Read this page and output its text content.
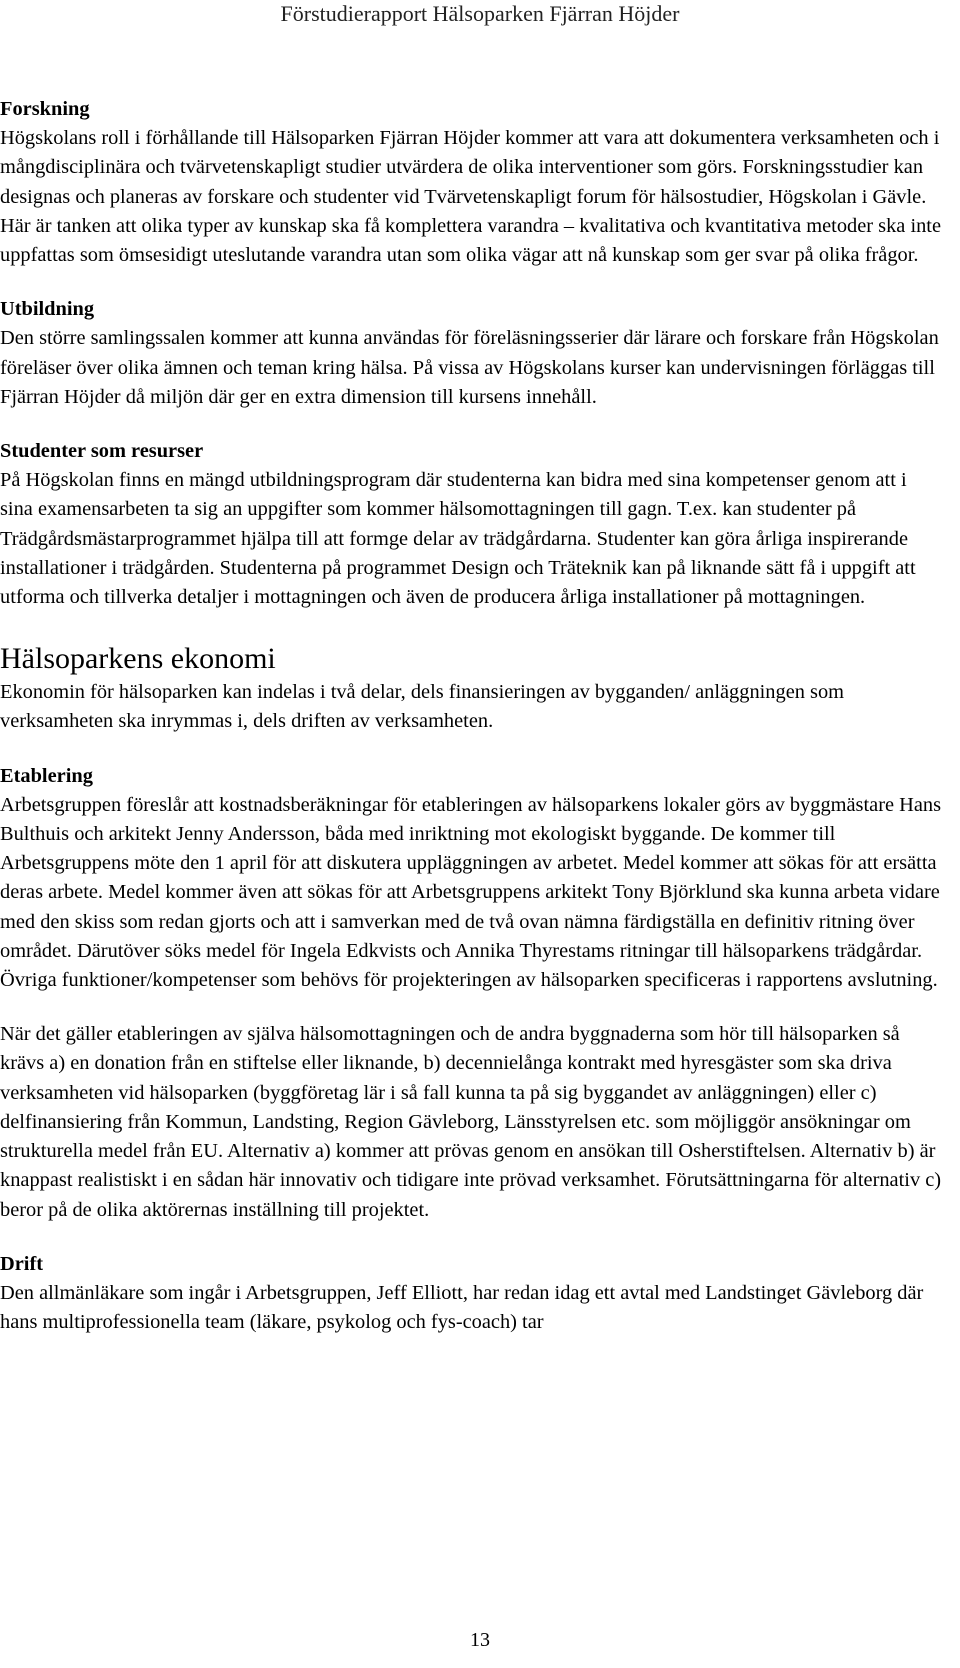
Förstudierapport Hälsoparken Fjärran Höjder

Forskning

Högskolans roll i förhållande till Hälsoparken Fjärran Höjder kommer att vara att dokumentera verksamheten och i mångdisciplinära och tvärvetenskapligt studier utvärdera de olika interventioner som görs. Forskningsstudier kan designas och planeras av forskare och studenter vid Tvärvetenskapligt forum för hälsostudier, Högskolan i Gävle. Här är tanken att olika typer av kunskap ska få komplettera varandra – kvalitativa och kvantitativa metoder ska inte uppfattas som ömsesidigt uteslutande varandra utan som olika vägar att nå kunskap som ger svar på olika frågor.

Utbildning

Den större samlingssalen kommer att kunna användas för föreläsningsserier där lärare och forskare från Högskolan föreläser över olika ämnen och teman kring hälsa. På vissa av Högskolans kurser kan undervisningen förläggas till Fjärran Höjder då miljön där ger en extra dimension till kursens innehåll.

Studenter som resurser

På Högskolan finns en mängd utbildningsprogram där studenterna kan bidra med sina kompetenser genom att i sina examensarbeten ta sig an uppgifter som kommer hälsomottagningen till gagn. T.ex. kan studenter på Trädgårdsmästarprogrammet hjälpa till att formge delar av trädgårdarna. Studenter kan göra årliga inspirerande installationer i trädgården. Studenterna på programmet Design och Träteknik kan på liknande sätt få i uppgift att utforma och tillverka detaljer i mottagningen och även de producera årliga installationer på mottagningen.

Hälsoparkens ekonomi

Ekonomin för hälsoparken kan indelas i två delar, dels finansieringen av bygganden/ anläggningen som verksamheten ska inrymmas i, dels driften av verksamheten.

Etablering

Arbetsgruppen föreslår att kostnadsberäkningar för etableringen av hälsoparkens lokaler görs av byggmästare Hans Bulthuis och arkitekt Jenny Andersson, båda med inriktning mot ekologiskt byggande. De kommer till Arbetsgruppens möte den 1 april för att diskutera uppläggningen av arbetet. Medel kommer att sökas för att ersätta deras arbete. Medel kommer även att sökas för att Arbetsgruppens arkitekt Tony Björklund ska kunna arbeta vidare med den skiss som redan gjorts och att i samverkan med de två ovan nämna färdigställa en definitiv ritning över området. Därutöver söks medel för Ingela Edkvists och Annika Thyrestams ritningar till hälsoparkens trädgårdar. Övriga funktioner/kompetenser som behövs för projekteringen av hälsoparken specificeras i rapportens avslutning.

När det gäller etableringen av själva hälsomottagningen och de andra byggnaderna som hör till hälsoparken så krävs a) en donation från en stiftelse eller liknande, b) decennielånga kontrakt med hyresgäster som ska driva verksamheten vid hälsoparken (byggföretag lär i så fall kunna ta på sig byggandet av anläggningen) eller c) delfinansiering från Kommun, Landsting, Region Gävleborg, Länsstyrelsen etc. som möjliggör ansökningar om strukturella medel från EU. Alternativ a) kommer att prövas genom en ansökan till Osherstiftelsen. Alternativ b) är knappast realistiskt i en sådan här innovativ och tidigare inte prövad verksamhet. Förutsättningarna för alternativ c) beror på de olika aktörernas inställning till projektet.

Drift

Den allmänläkare som ingår i Arbetsgruppen, Jeff Elliott, har redan idag ett avtal med Landstinget Gävleborg där hans multiprofessionella team (läkare, psykolog och fys-coach) tar

13
